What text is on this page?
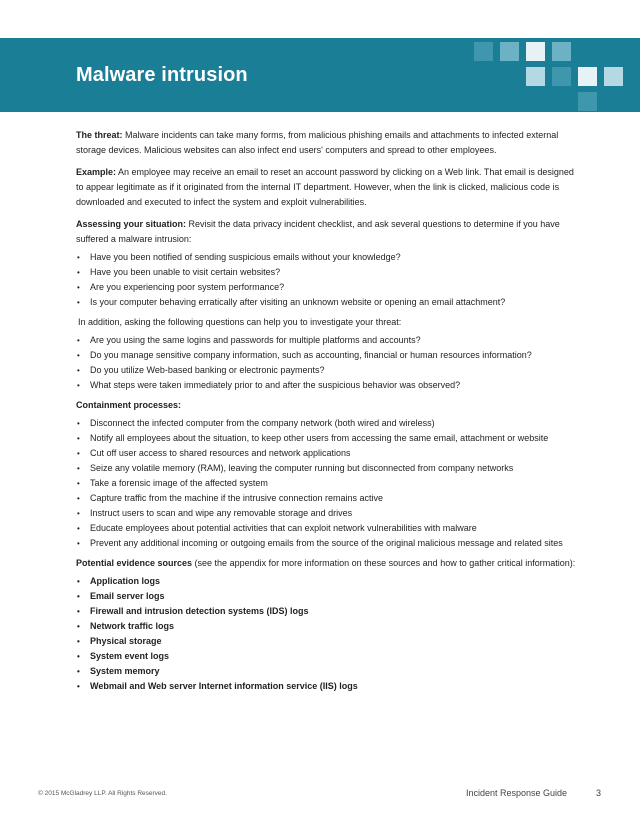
Malware intrusion

The threat: Malware incidents can take many forms, from malicious phishing emails and attachments to infected external storage devices. Malicious websites can also infect end users' computers and spread to other employees.

Example: An employee may receive an email to reset an account password by clicking on a Web link. That email is designed to appear legitimate as if it originated from the internal IT department. However, when the link is clicked, malicious code is downloaded and executed to infect the system and exploit vulnerabilities.

Assessing your situation: Revisit the data privacy incident checklist, and ask several questions to determine if you have suffered a malware intrusion:

• Have you been notified of sending suspicious emails without your knowledge?
• Have you been unable to visit certain websites?
• Are you experiencing poor system performance?
• Is your computer behaving erratically after visiting an unknown website or opening an email attachment?

In addition, asking the following questions can help you to investigate your threat:

• Are you using the same logins and passwords for multiple platforms and accounts?
• Do you manage sensitive company information, such as accounting, financial or human resources information?
• Do you utilize Web-based banking or electronic payments?
• What steps were taken immediately prior to and after the suspicious behavior was observed?

Containment processes:

• Disconnect the infected computer from the company network (both wired and wireless)
• Notify all employees about the situation, to keep other users from accessing the same email, attachment or website
• Cut off user access to shared resources and network applications
• Seize any volatile memory (RAM), leaving the computer running but disconnected from company networks
• Take a forensic image of the affected system
• Capture traffic from the machine if the intrusive connection remains active
• Instruct users to scan and wipe any removable storage and drives
• Educate employees about potential activities that can exploit network vulnerabilities with malware
• Prevent any additional incoming or outgoing emails from the source of the original malicious message and related sites

Potential evidence sources (see the appendix for more information on these sources and how to gather critical information):

• Application logs
• Email server logs
• Firewall and intrusion detection systems (IDS) logs
• Network traffic logs
• Physical storage
• System event logs
• System memory
• Webmail and Web server Internet information service (IIS) logs
© 2015 McGladrey LLP. All Rights Reserved.	Incident Response Guide	3
